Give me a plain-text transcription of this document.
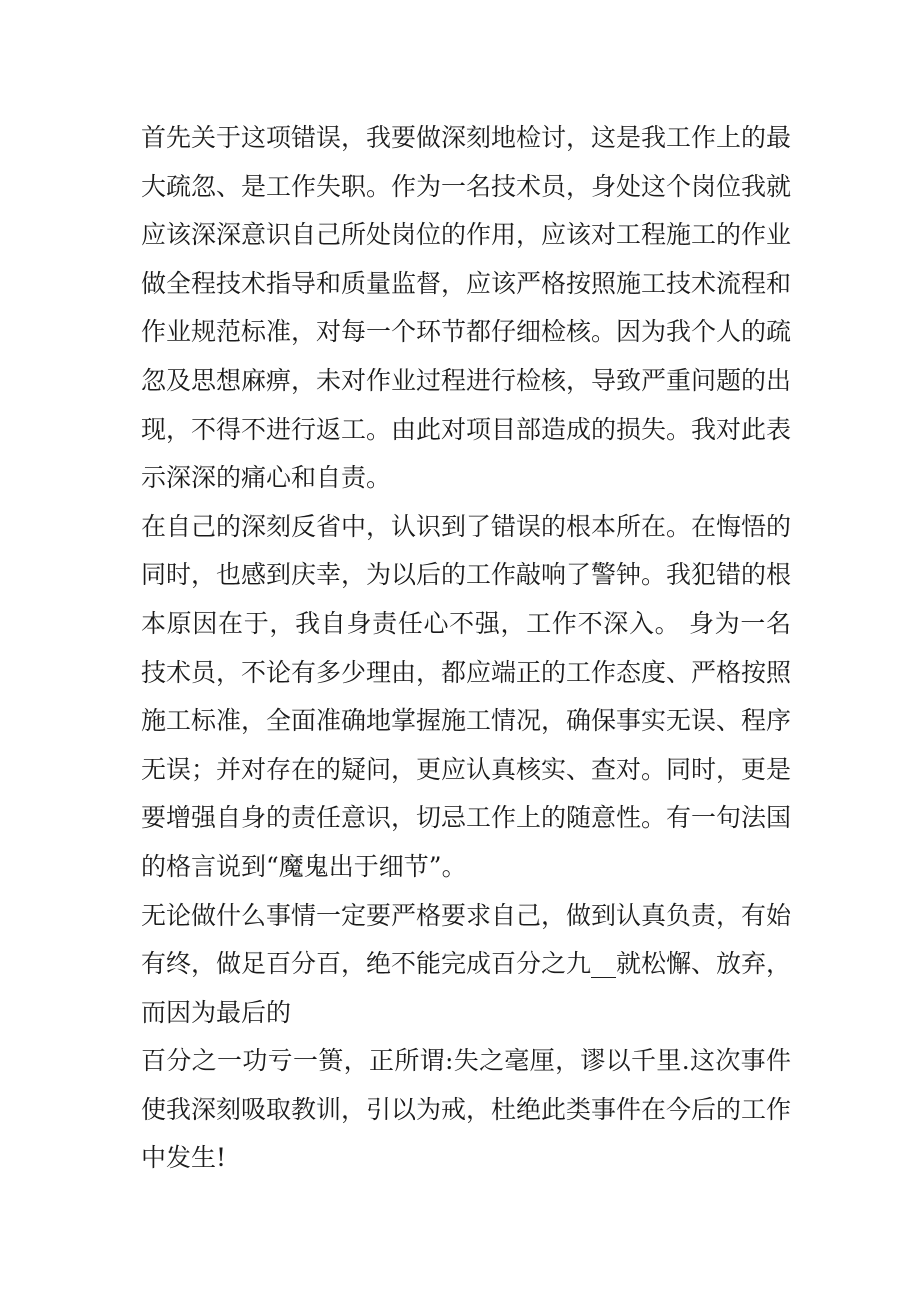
首先关于这项错误，我要做深刻地检讨，这是我工作上的最
大疏忽、是工作失职。作为一名技术员，身处这个岗位我就
应该深深意识自己所处岗位的作用，应该对工程施工的作业
做全程技术指导和质量监督，应该严格按照施工技术流程和
作业规范标准，对每一个环节都仔细检核。因为我个人的疏
忽及思想麻痹，未对作业过程进行检核，导致严重问题的出
现，不得不进行返工。由此对项目部造成的损失。我对此表
示深深的痛心和自责。
在自己的深刻反省中，认识到了错误的根本所在。在悔悟的
同时，也感到庆幸，为以后的工作敲响了警钟。我犯错的根
本原因在于，我自身责任心不强，工作不深入。 身为一名
技术员，不论有多少理由，都应端正的工作态度、严格按照
施工标准，全面准确地掌握施工情况，确保事实无误、程序
无误；并对存在的疑问，更应认真核实、查对。同时，更是
要增强自身的责任意识，切忌工作上的随意性。有一句法国
的格言说到“魔鬼出于细节”。
无论做什么事情一定要严格要求自己，做到认真负责，有始
有终，做足百分百，绝不能完成百分之九__就松懈、放弃，
而因为最后的
百分之一功亏一篑，正所谓:失之毫厘，谬以千里.这次事件
使我深刻吸取教训，引以为戒，杜绝此类事件在今后的工作
中发生!
